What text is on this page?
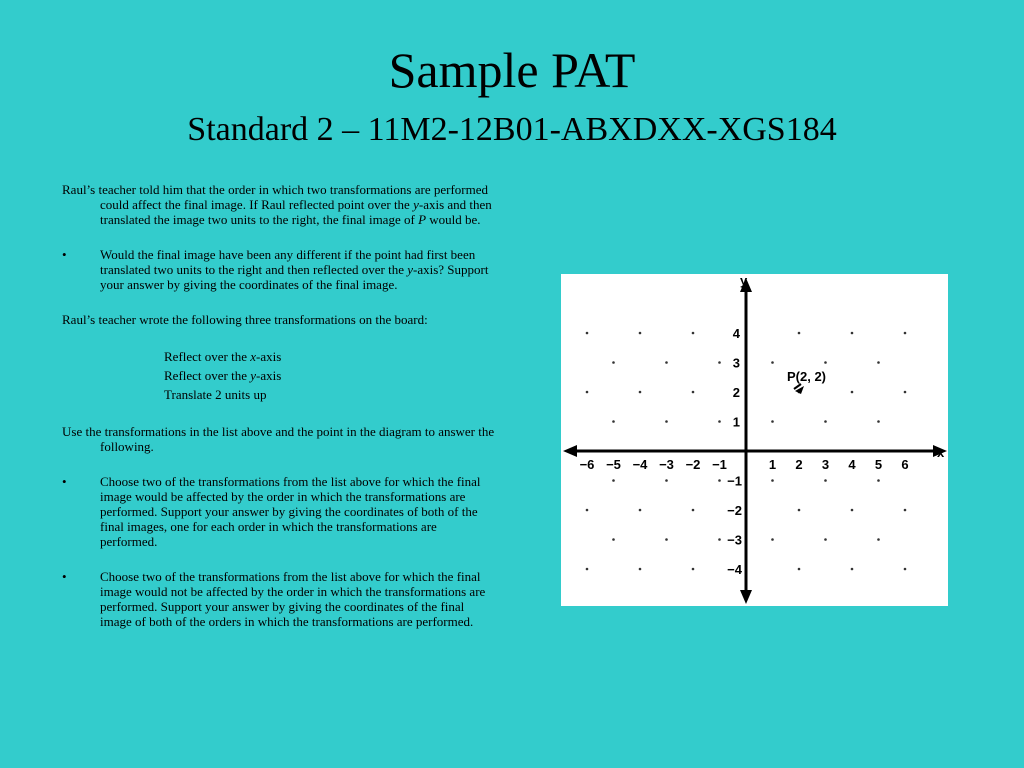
Sample PAT
Standard 2 – 11M2-12B01-ABXDXX-XGS184
Raul’s teacher told him that the order in which two transformations are performed could affect the final image. If Raul reflected point over the y-axis and then translated the image two units to the right, the final image of P would be.
•	Would the final image have been any different if the point had first been translated two units to the right and then reflected over the y-axis? Support your answer by giving the coordinates of the final image.
Raul’s teacher wrote the following three transformations on the board:
Reflect over the x-axis
Reflect over the y-axis
Translate 2 units up
Use the transformations in the list above and the point in the diagram to answer the following.
•	Choose two of the transformations from the list above for which the final image would be affected by the order in which the transformations are performed. Support your answer by giving the coordinates of both of the final images, one for each order in which the transformations are performed.
•	Choose two of the transformations from the list above for which the final image would not be affected by the order in which the transformations are performed. Support your answer by giving the coordinates of the final image of both of the orders in which the transformations are performed.
x
y
−6 −5 −4 −3 −2 −1	1 2 3 4 5 6
1
2
3
4
−1
−2
−3
−4
P(2, 2)
